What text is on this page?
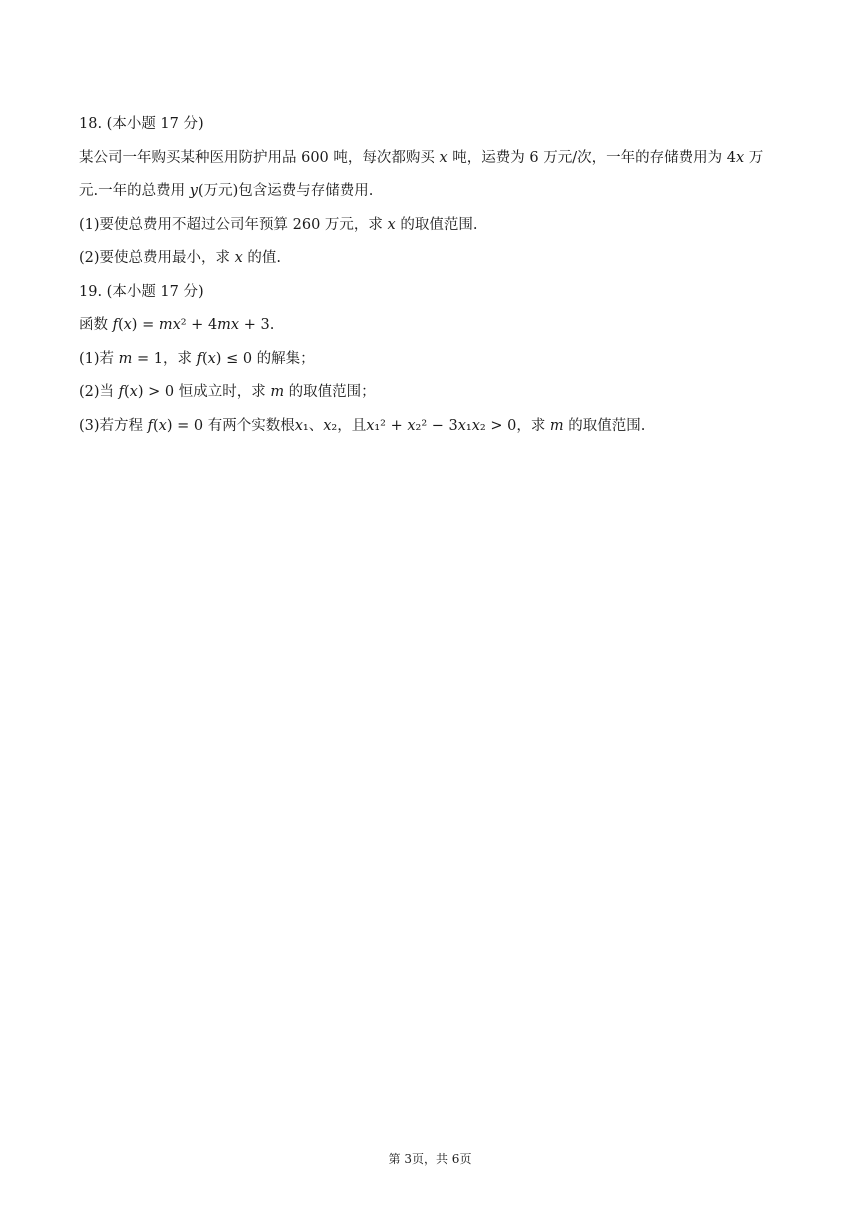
18. (本小题 17 分)
某公司一年购买某种医用防护用品 600 吨，每次都购买 𝑥 吨，运费为 6 万元/次，一年的存储费用为 4𝑥 万
元.一年的总费用 𝑦(万元)包含运费与存储费用.
(1)要使总费用不超过公司年预算 260 万元，求 𝑥 的取值范围.
(2)要使总费用最小，求 𝑥 的值.
19. (本小题 17 分)
函数 𝑓(𝑥) = 𝑚𝑥² + 4𝑚𝑥 + 3.
(1)若 𝑚 = 1，求 𝑓(𝑥) ≤ 0 的解集；
(2)当 𝑓(𝑥) > 0 恒成立时，求 𝑚 的取值范围；
(3)若方程 𝑓(𝑥) = 0 有两个实数根𝑥₁、𝑥₂，且𝑥₁² + 𝑥₂² − 3𝑥₁𝑥₂ > 0，求 𝑚 的取值范围.
第 3页，共 6页
